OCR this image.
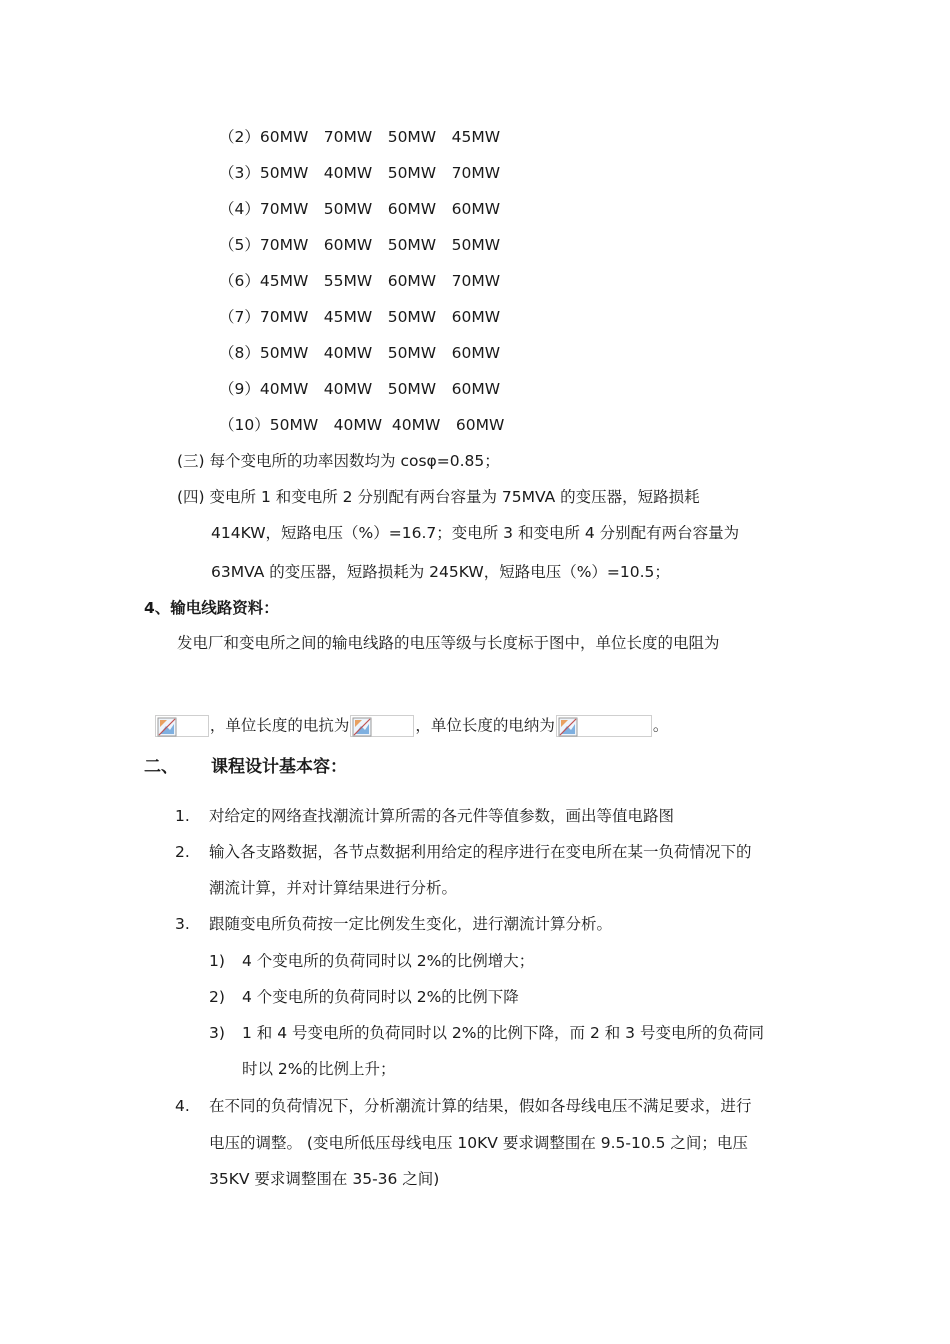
（2）60MW　70MW　50MW　45MW
（3）50MW　40MW　50MW　70MW
（4）70MW　50MW　60MW　60MW
（5）70MW　60MW　50MW　50MW
（6）45MW　55MW　60MW　70MW
（7）70MW　45MW　50MW　60MW
（8）50MW　40MW　50MW　60MW
（9）40MW　40MW　50MW　60MW
（10）50MW　40MW  40MW　60MW
(三) 每个变电所的功率因数均为 cosφ=0.85；
(四) 变电所 1 和变电所 2 分别配有两台容量为 75MVA 的变压器，短路损耗
414KW，短路电压（%）=16.7；变电所 3 和变电所 4 分别配有两台容量为
63MVA 的变压器，短路损耗为 245KW，短路电压（%）=10.5；
4、输电线路资料：
发电厂和变电所之间的输电线路的电压等级与长度标于图中，单位长度的电阻为

，单位长度的电抗为
	，单位长度的电纳为
	。

二、 课程设计基本容：
1. 对给定的网络查找潮流计算所需的各元件等值参数，画出等值电路图
2. 输入各支路数据，各节点数据利用给定的程序进行在变电所在某一负荷情况下的
潮流计算，并对计算结果进行分析。
3. 跟随变电所负荷按一定比例发生变化，进行潮流计算分析。
1) 4 个变电所的负荷同时以 2%的比例增大；
2) 4 个变电所的负荷同时以 2%的比例下降
3) 1 和 4 号变电所的负荷同时以 2%的比例下降，而 2 和 3 号变电所的负荷同
时以 2%的比例上升；
4. 在不同的负荷情况下，分析潮流计算的结果，假如各母线电压不满足要求，进行
电压的调整。 (变电所低压母线电压 10KV 要求调整围在 9.5-10.5 之间；电压
35KV 要求调整围在 35-36 之间)
